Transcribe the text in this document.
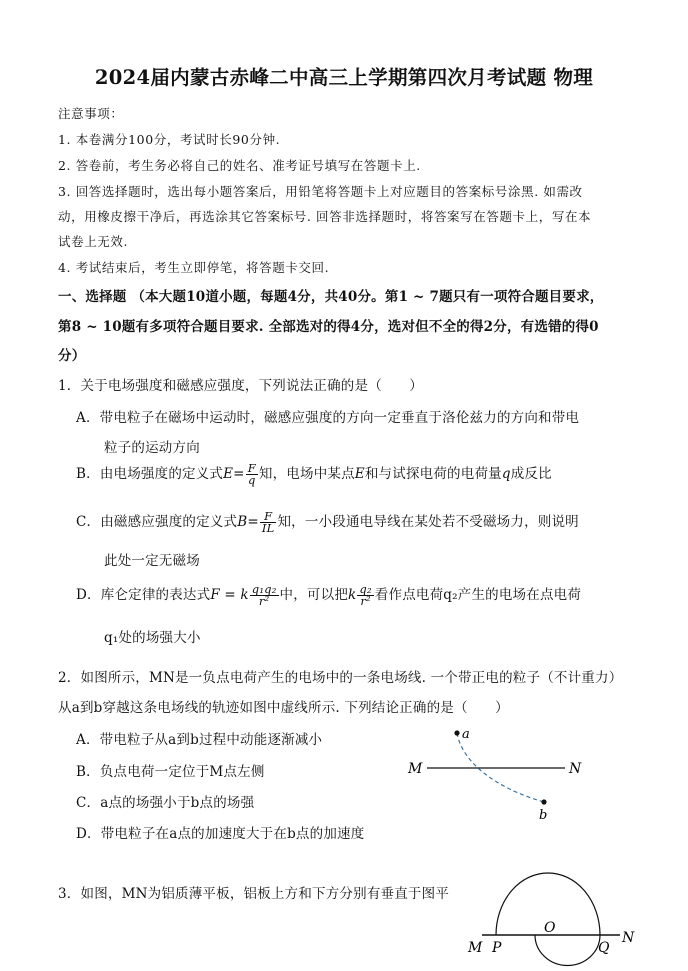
2024届内蒙古赤峰二中高三上学期第四次月考试题 物理
注意事项：
1. 本卷满分100分，考试时长90分钟.
2. 答卷前，考生务必将自己的姓名、准考证号填写在答题卡上.
3. 回答选择题时，选出每小题答案后，用铅笔将答题卡上对应题目的答案标号涂黑. 如需改
动，用橡皮擦干净后，再选涂其它答案标号. 回答非选择题时，将答案写在答题卡上，写在本
试卷上无效.
4. 考试结束后，考生立即停笔，将答题卡交回.
一、选择题 （本大题10道小题，每题4分，共40分。第1 ~ 7题只有一项符合题目要求，
第8 ~ 10题有多项符合题目要求. 全部选对的得4分，选对但不全的得2分，有选错的得0
分）
1．关于电场强度和磁感应强度，下列说法正确的是（　　）
A．带电粒子在磁场中运动时，磁感应强度的方向一定垂直于洛伦兹力的方向和带电
粒子的运动方向
B．由电场强度的定义式$E= \frac{F}{q}$ 知，电场中某点E和与试探电荷的电荷量q成反比
C．由磁感应强度的定义式$B= \frac{F}{IL}$ 知，一小段通电导线在某处若不受磁场力，则说明
此处一定无磁场
D．库仑定律的表达式F = k $\frac{\text{q₁q₂}}{\text{r²}}$ 中，可以把k $\frac{\text{q₂}}{\text{r²}}$ 看作点电荷q₂产生的电场在点电荷
q₁处的场强大小
2．如图所示，MN是一负点电荷产生的电场中的一条电场线. 一个带正电的粒子（不计重力）
从a到b穿越这条电场线的轨迹如图中虚线所示. 下列结论正确的是（　　）
A．带电粒子从a到b过程中动能逐渐减小
B．负点电荷一定位于M点左侧
C．a点的场强小于b点的场强
D．带电粒子在a点的加速度大于在b点的加速度
a
b
M	N
3．如图，MN为铝质薄平板，铝板上方和下方分别有垂直于图平
M P
O
Q
N
